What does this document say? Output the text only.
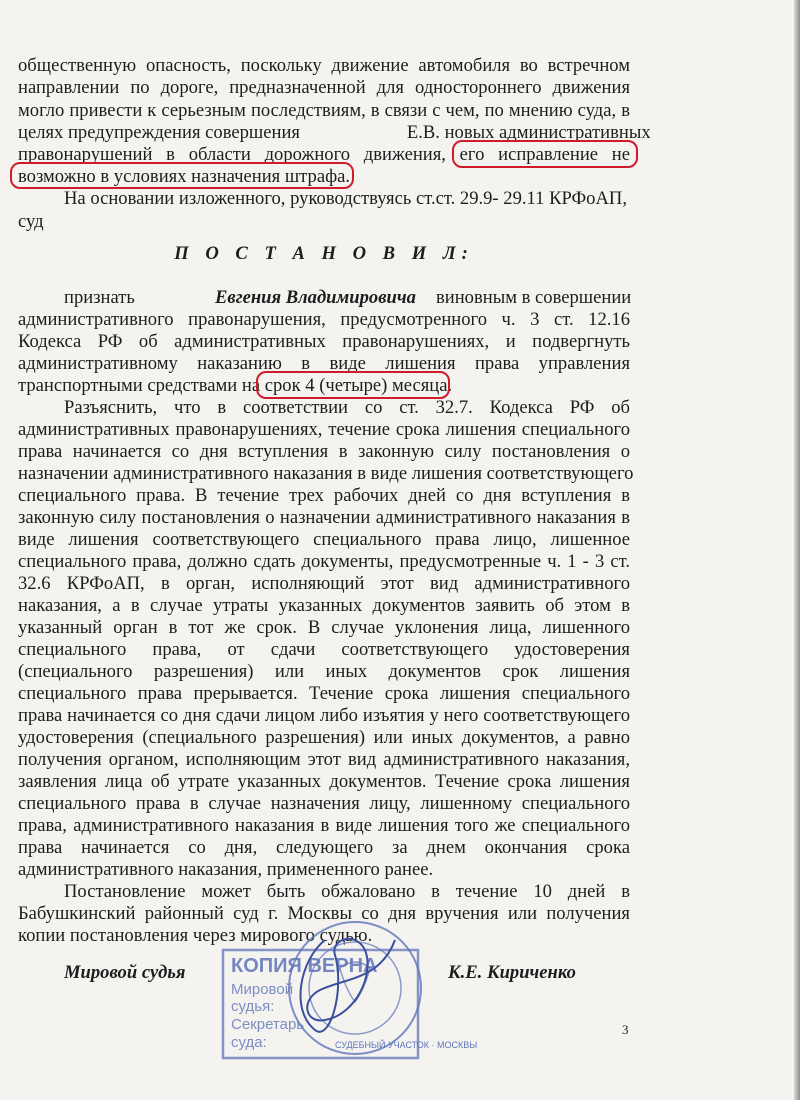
общественную опасность, поскольку движение автомобиля во встречном
направлении по дороге, предназначенной для одностороннего движения
могло привести к серьезным последствиям, в связи с чем, по мнению суда, в
целях предупреждения совершения                       Е.В. новых административных
правонарушений в области дорожного движения, его исправление не
возможно в условиях назначения штрафа.
На основании изложенного, руководствуясь ст.ст. 29.9- 29.11 КРФоАП,
суд
П О С Т А Н О В И Л:
признать	Евгения Владимировича виновным в совершении
административного правонарушения, предусмотренного ч. 3 ст. 12.16
Кодекса РФ об административных правонарушениях, и подвергнуть
административному наказанию в виде лишения права управления
транспортными средствами на срок 4 (четыре) месяца.
Разъяснить, что в соответствии со ст. 32.7. Кодекса РФ об
административных правонарушениях, течение срока лишения специального
права начинается со дня вступления в законную силу постановления о
назначении административного наказания в виде лишения соответствующего
специального права. В течение трех рабочих дней со дня вступления в
законную силу постановления о назначении административного наказания в
виде лишения соответствующего специального права лицо, лишенное
специального права, должно сдать документы, предусмотренные ч. 1 - 3 ст.
32.6 КРФоАП, в орган, исполняющий этот вид административного
наказания, а в случае утраты указанных документов заявить об этом в
указанный орган в тот же срок. В случае уклонения лица, лишенного
специального права, от сдачи соответствующего удостоверения
(специального разрешения) или иных документов срок лишения
специального права прерывается. Течение срока лишения специального
права начинается со дня сдачи лицом либо изъятия у него соответствующего
удостоверения (специального разрешения) или иных документов, а равно
получения органом, исполняющим этот вид административного наказания,
заявления лица об утрате указанных документов. Течение срока лишения
специального права в случае назначения лицу, лишенному специального
права, административного наказания в виде лишения того же специального
права начинается со дня, следующего за днем окончания срока
административного наказания, примененного ранее.
Постановление может быть обжаловано в течение 10 дней в
Бабушкинский районный суд г. Москвы со дня вручения или получения
копии постановления через мирового судью.
Мировой судья	К.Е. Кириченко
СУДЕБНЫЙ УЧАСТОК · МОСКВЫ
КОПИЯ ВЕРНА
Мировой
судья:
Секретарь
суда:
3
